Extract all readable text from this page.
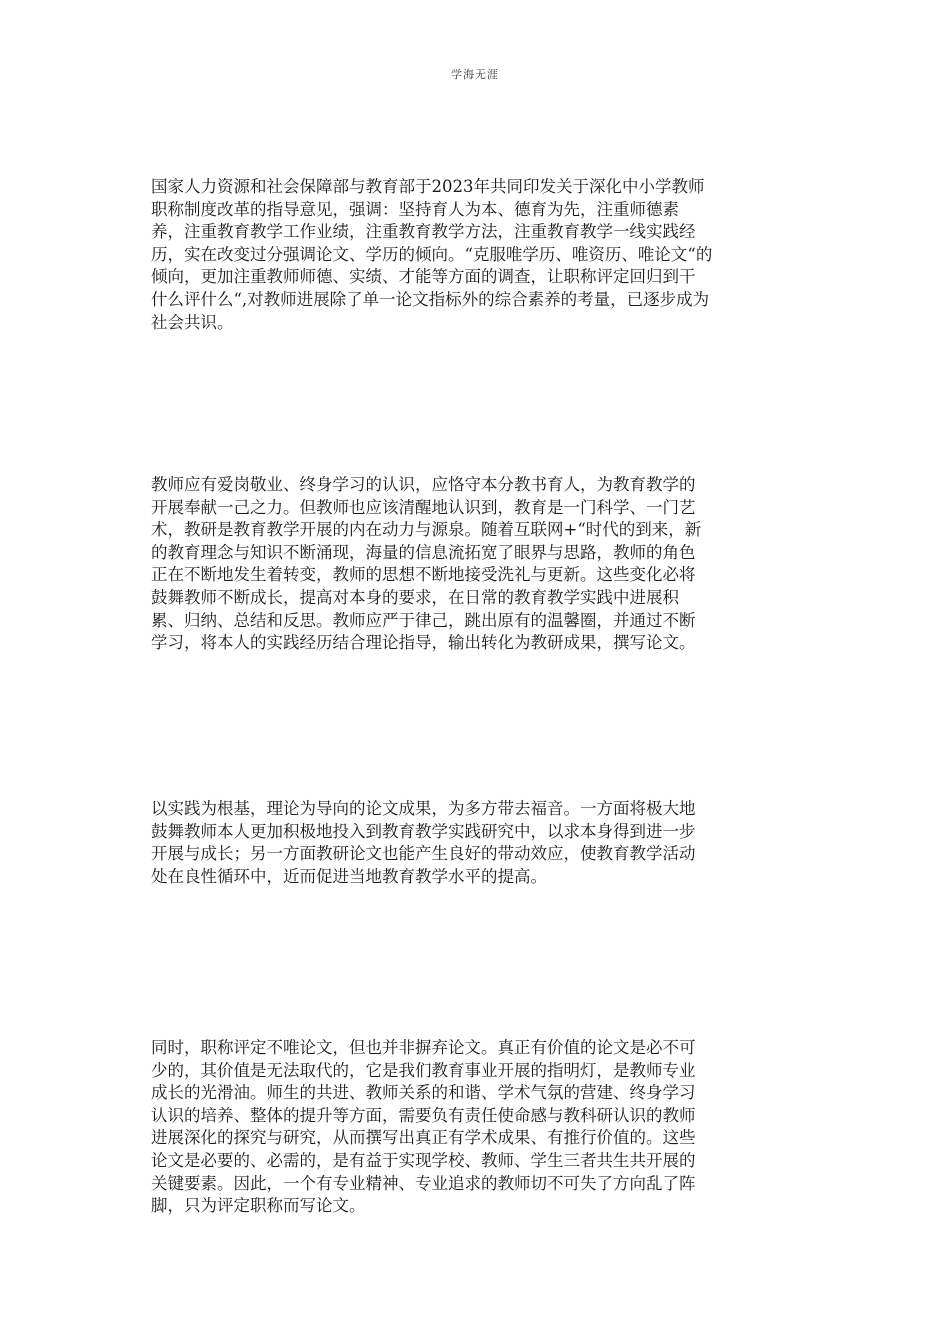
学海无涯
国家人力资源和社会保障部与教育部于2023年共同印发关于深化中小学教师
职称制度改革的指导意见，强调：坚持育人为本、德育为先，注重师德素
养，注重教育教学工作业绩，注重教育教学方法，注重教育教学一线实践经
历，实在改变过分强调论文、学历的倾向。“克服唯学历、唯资历、唯论文“的
倾向，更加注重教师师德、实绩、才能等方面的调查，让职称评定回归到干
什么评什么“,对教师进展除了单一论文指标外的综合素养的考量，已逐步成为
社会共识。
教师应有爱岗敬业、终身学习的认识，应恪守本分教书育人，为教育教学的
开展奉献一己之力。但教师也应该清醒地认识到，教育是一门科学、一门艺
术，教研是教育教学开展的内在动力与源泉。随着互联网+“时代的到来，新
的教育理念与知识不断涌现，海量的信息流拓宽了眼界与思路，教师的角色
正在不断地发生着转变，教师的思想不断地接受洗礼与更新。这些变化必将
鼓舞教师不断成长，提高对本身的要求，在日常的教育教学实践中进展积
累、归纳、总结和反思。教师应严于律己，跳出原有的温馨圈，并通过不断
学习，将本人的实践经历结合理论指导，输出转化为教研成果，撰写论文。
以实践为根基，理论为导向的论文成果，为多方带去福音。一方面将极大地
鼓舞教师本人更加积极地投入到教育教学实践研究中，以求本身得到进一步
开展与成长；另一方面教研论文也能产生良好的带动效应，使教育教学活动
处在良性循环中，近而促进当地教育教学水平的提高。
同时，职称评定不唯论文，但也并非摒弃论文。真正有价值的论文是必不可
少的，其价值是无法取代的，它是我们教育事业开展的指明灯，是教师专业
成长的光滑油。师生的共进、教师关系的和谐、学术气氛的营建、终身学习
认识的培养、整体的提升等方面，需要负有责任使命感与教科研认识的教师
进展深化的探究与研究，从而撰写出真正有学术成果、有推行价值的。这些
论文是必要的、必需的，是有益于实现学校、教师、学生三者共生共开展的
关键要素。因此，一个有专业精神、专业追求的教师切不可失了方向乱了阵
脚，只为评定职称而写论文。
